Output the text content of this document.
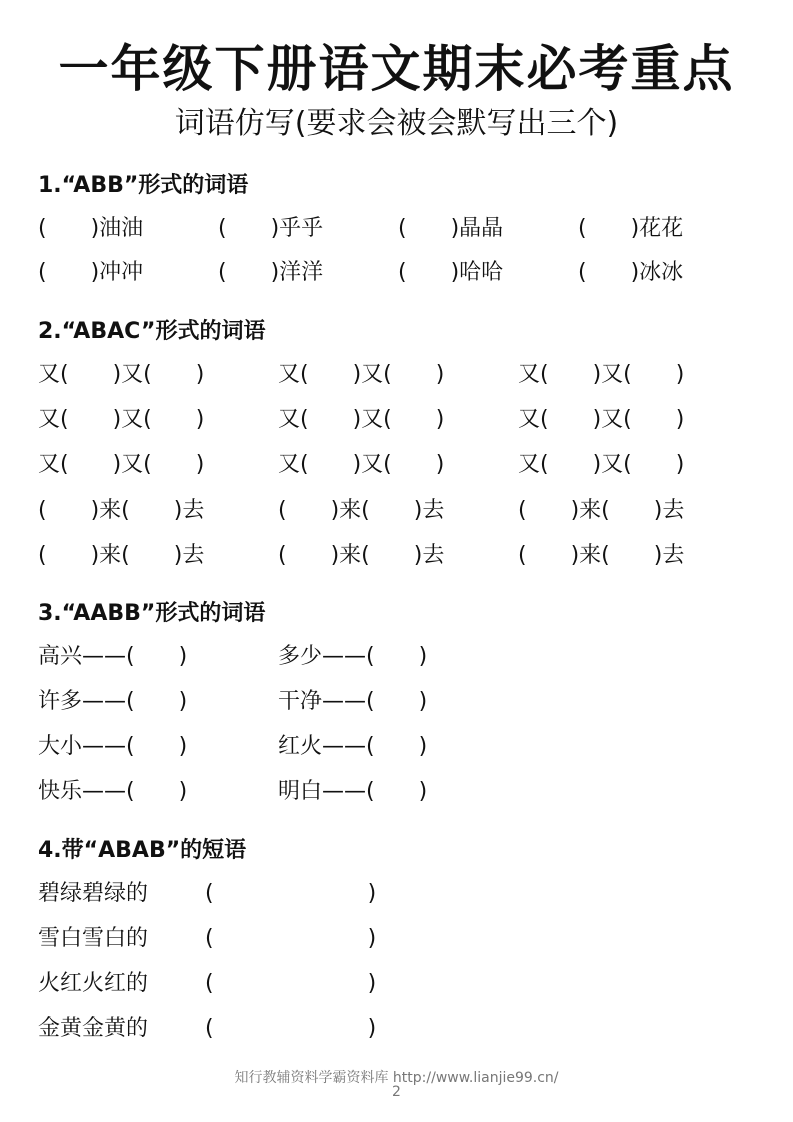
一年级下册语文期末必考重点
词语仿写(要求会被会默写出三个)
1.“ABB”形式的词语
(　　)油油	(　　)乎乎	(　　)晶晶	(　　)花花
(　　)冲冲	(　　)洋洋	(　　)哈哈	(　　)冰冰
2.“ABAC”形式的词语
又(　　)又(　　)	又(　　)又(　　)	又(　　)又(　　)
又(　　)又(　　)	又(　　)又(　　)	又(　　)又(　　)
又(　　)又(　　)	又(　　)又(　　)	又(　　)又(　　)
(　　)来(　　)去	(　　)来(　　)去	(　　)来(　　)去
(　　)来(　　)去	(　　)来(　　)去	(　　)来(　　)去
3.“AABB”形式的词语
高兴——(　　)	多少——(　　)
许多——(　　)	干净——(　　)
大小——(　　)	红火——(　　)
快乐——(　　)	明白——(　　)
4.带“ABAB”的短语
碧绿碧绿的	(　　　　　　　)
雪白雪白的	(　　　　　　　)
火红火红的	(　　　　　　　)
金黄金黄的	(　　　　　　　)
知行教辅资料学霸资料库 http://www.lianjie99.cn/
2
